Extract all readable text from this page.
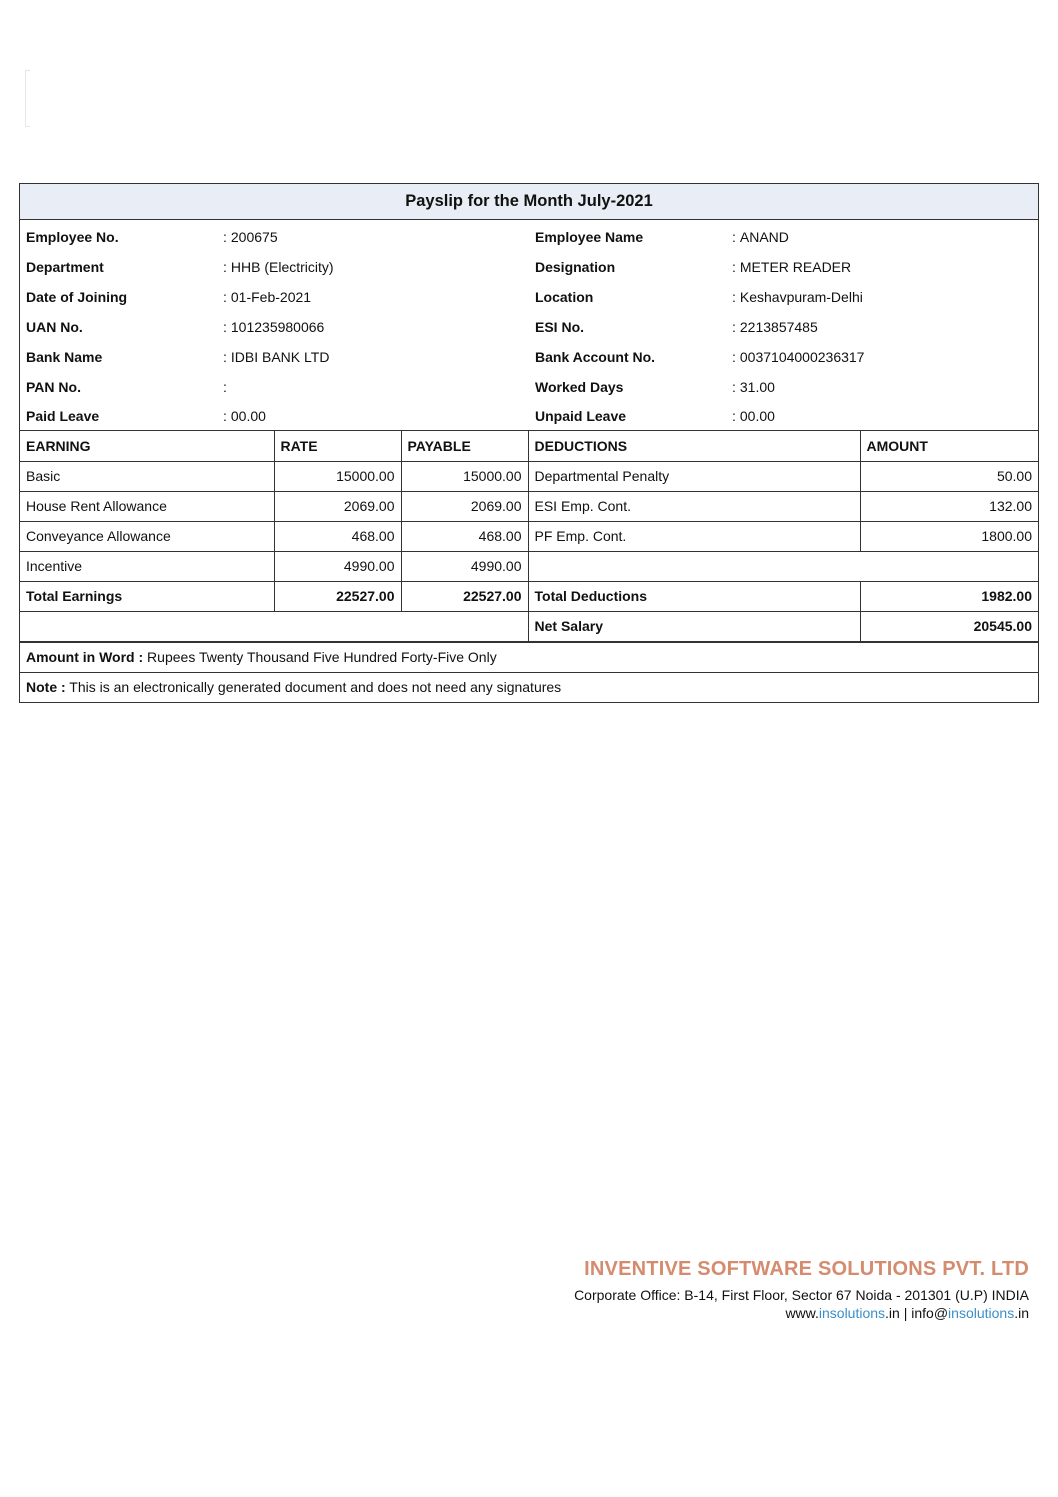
Payslip for the Month July-2021
Employee No.	: 200675	Employee Name	: ANAND
Department	: HHB (Electricity)	Designation	: METER READER
Date of Joining	: 01-Feb-2021	Location	: Keshavpuram-Delhi
UAN No.	: 101235980066	ESI No.	: 2213857485
Bank Name	: IDBI BANK LTD	Bank Account No.	: 0037104000236317
PAN No.	:	Worked Days	: 31.00
Paid Leave	: 00.00	Unpaid Leave	: 00.00
EARNING	RATE	PAYABLE	DEDUCTIONS	AMOUNT
Basic	15000.00	15000.00	Departmental Penalty	50.00
House Rent Allowance	2069.00	2069.00	ESI Emp. Cont.	132.00
Conveyance Allowance	468.00	468.00	PF Emp. Cont.	1800.00
Incentive	4990.00	4990.00		
Total Earnings	22527.00	22527.00	Total Deductions	1982.00
			Net Salary	20545.00
Amount in Word : Rupees Twenty Thousand Five Hundred Forty-Five Only
Note : This is an electronically generated document and does not need any signatures
INVENTIVE SOFTWARE SOLUTIONS PVT. LTD
Corporate Office: B-14, First Floor, Sector 67 Noida - 201301 (U.P) INDIA
www.insolutions.in | info@insolutions.in
